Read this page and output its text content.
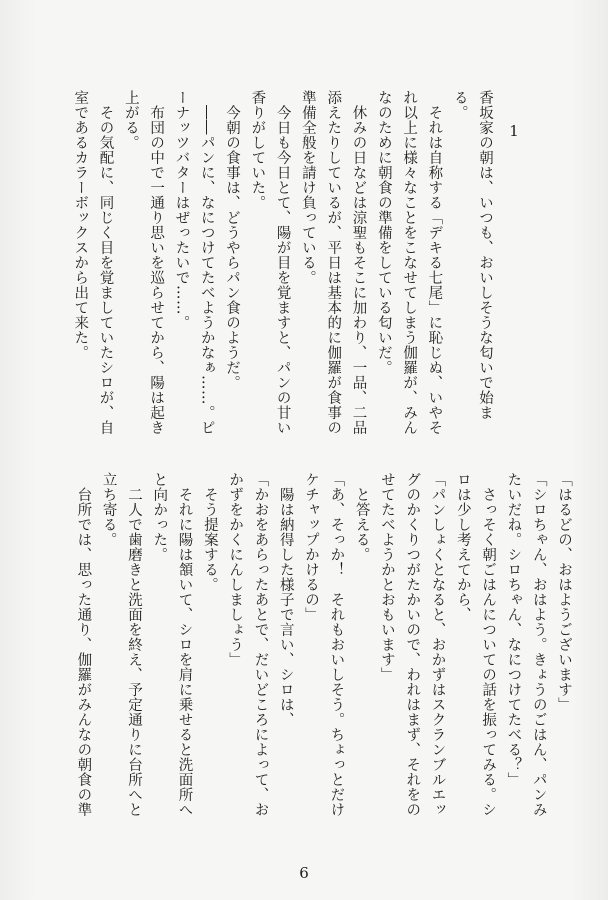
1
香坂家の朝は、いつも、おいしそうな匂いで始ま
る。
　それは自称する「デキる七尾」に恥じぬ、いやそ
れ以上に様々なことをこなせてしまう伽羅が、みん
なのために朝食の準備をしている匂いだ。
　休みの日などは涼聖もそこに加わり、一品、二品
添えたりしているが、平日は基本的に伽羅が食事の
準備全般を請け負っている。
　今日も今日とて、陽が目を覚ますと、パンの甘い
香りがしていた。
　今朝の食事は、どうやらパン食のようだ。
　――パンに、なにつけてたべようかなぁ……。ピ
ーナッツバターはぜったいで……。
　布団の中で一通り思いを巡らせてから、陽は起き
上がる。
　その気配に、同じく目を覚ましていたシロが、自
室であるカラーボックスから出て来た。
「はるどの、おはようございます」
「シロちゃん、おはよう。きょうのごはん、パンみ
たいだね。シロちゃん、なにつけてたべる？」
　さっそく朝ごはんについての話を振ってみる。シ
ロは少し考えてから、
「パンしょくとなると、おかずはスクランブルエッ
グのかくりつがたかいので、われはまず、それをの
せてたべようかとおもいます」
　と答える。
「あ、そっか！　それもおいしそう。ちょっとだけ
ケチャップかけるの」
　陽は納得した様子で言い、シロは、
「かおをあらったあとで、だいどころによって、お
かずをかくにんしましょう」
　そう提案する。
　それに陽は頷いて、シロを肩に乗せると洗面所へ
と向かった。
　二人で歯磨きと洗面を終え、予定通りに台所へと
立ち寄る。
　台所では、思った通り、伽羅がみんなの朝食の準
6
